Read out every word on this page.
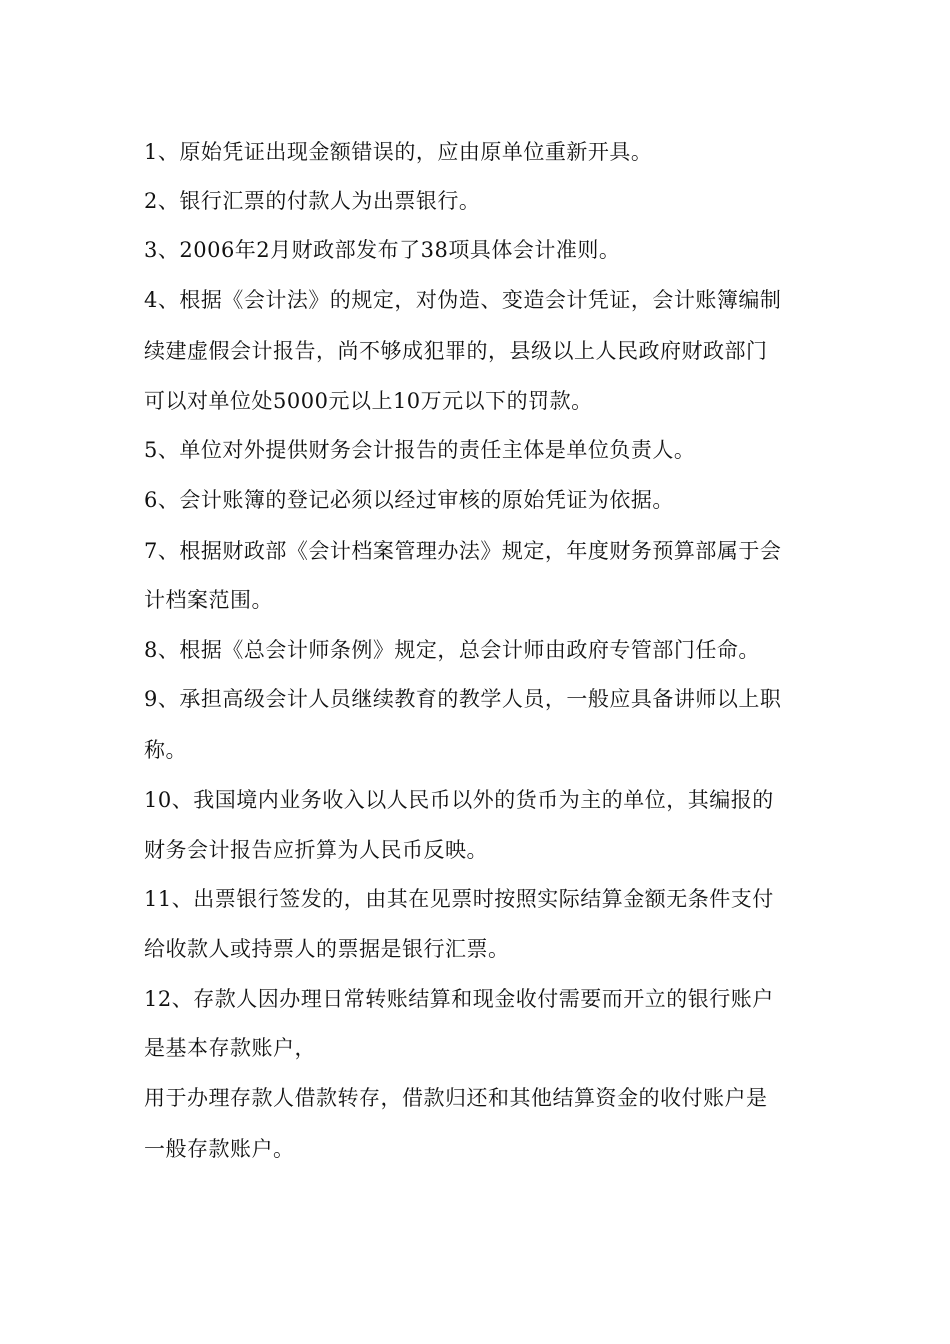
1、原始凭证出现金额错误的，应由原单位重新开具。
2、银行汇票的付款人为出票银行。
3、2006年2月财政部发布了38项具体会计准则。
4、根据《会计法》的规定，对伪造、变造会计凭证，会计账簿编制
续建虚假会计报告，尚不够成犯罪的，县级以上人民政府财政部门
可以对单位处5000元以上10万元以下的罚款。
5、单位对外提供财务会计报告的责任主体是单位负责人。
6、会计账簿的登记必须以经过审核的原始凭证为依据。
7、根据财政部《会计档案管理办法》规定，年度财务预算部属于会
计档案范围。
8、根据《总会计师条例》规定，总会计师由政府专管部门任命。
9、承担高级会计人员继续教育的教学人员，一般应具备讲师以上职
称。
10、我国境内业务收入以人民币以外的货币为主的单位，其编报的
财务会计报告应折算为人民币反映。
11、出票银行签发的，由其在见票时按照实际结算金额无条件支付
给收款人或持票人的票据是银行汇票。
12、存款人因办理日常转账结算和现金收付需要而开立的银行账户
是基本存款账户，
用于办理存款人借款转存，借款归还和其他结算资金的收付账户是
一般存款账户。
